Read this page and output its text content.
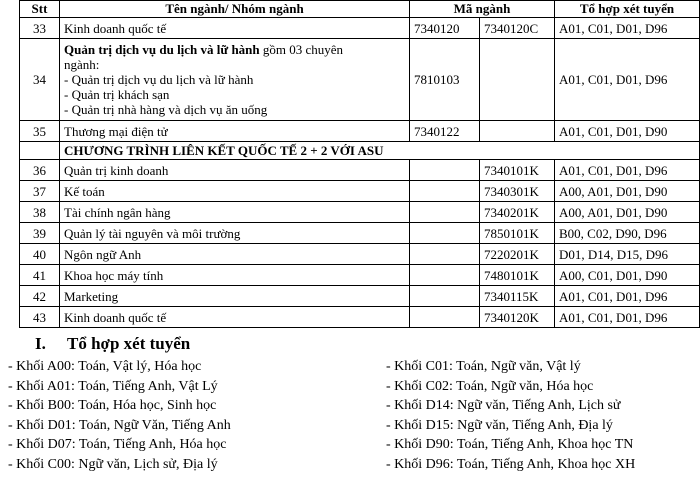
Stt	Tên ngành/ Nhóm ngành	Mã ngành		Tổ hợp xét tuyển
33	Kinh doanh quốc tế	7340120	7340120C	A01, C01, D01, D96
34	Quản trị dịch vụ du lịch và lữ hành gồm 03 chuyên
ngành:
- Quản trị dịch vụ du lịch và lữ hành
- Quản trị khách sạn
- Quản trị nhà hàng và dịch vụ ăn uống	7810103		A01, C01, D01, D96
35	Thương mại điện tử	7340122		A01, C01, D01, D90
	CHƯƠNG TRÌNH LIÊN KẾT QUỐC TẾ 2 + 2 VỚI ASU			
36	Quản trị kinh doanh		7340101K	A01, C01, D01, D96
37	Kế toán		7340301K	A00, A01, D01, D90
38	Tài chính ngân hàng		7340201K	A00, A01, D01, D90
39	Quản lý tài nguyên và môi trường		7850101K	B00, C02, D90, D96
40	Ngôn ngữ Anh		7220201K	D01, D14, D15, D96
41	Khoa học máy tính		7480101K	A00, C01, D01, D90
42	Marketing		7340115K	A01, C01, D01, D96
43	Kinh doanh quốc tế		7340120K	A01, C01, D01, D96
I. Tổ hợp xét tuyển
- Khối A00: Toán, Vật lý, Hóa học
- Khối A01: Toán, Tiếng Anh, Vật Lý
- Khối B00: Toán, Hóa học, Sinh học
- Khối D01: Toán, Ngữ Văn, Tiếng Anh
- Khối D07: Toán, Tiếng Anh, Hóa học
- Khối C00: Ngữ văn, Lịch sử, Địa lý
- Khối C01: Toán, Ngữ văn, Vật lý
- Khối C02: Toán, Ngữ văn, Hóa học
- Khối D14: Ngữ văn, Tiếng Anh, Lịch sử
- Khối D15: Ngữ văn, Tiếng Anh, Địa lý
- Khối D90: Toán, Tiếng Anh, Khoa học TN
- Khối D96: Toán, Tiếng Anh, Khoa học XH
